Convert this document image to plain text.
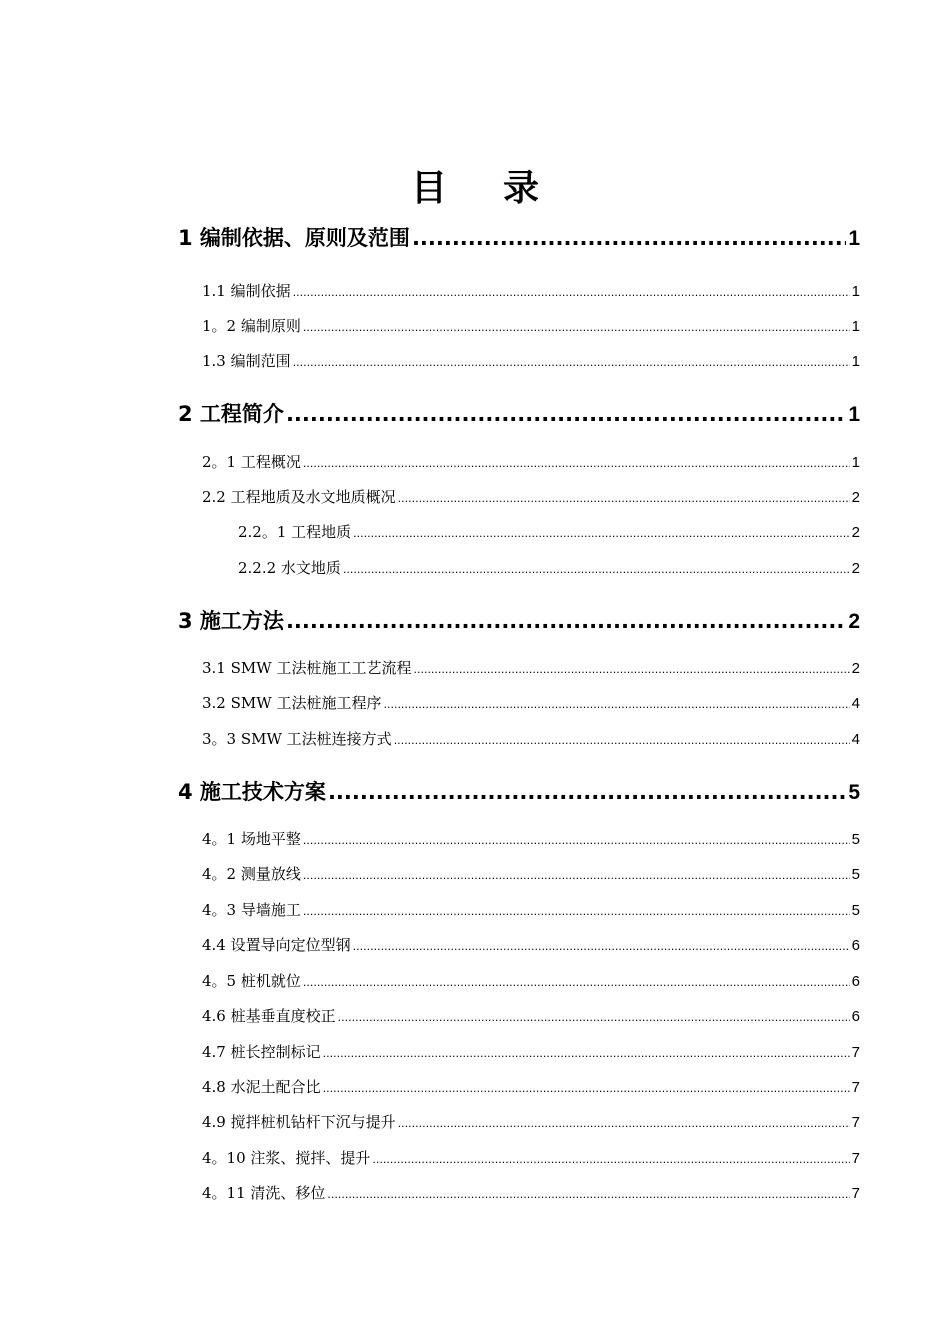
目 录
1 编制依据、原则及范围 .....	1
1.1 编制依据 .....	1
1。2 编制原则 .....	1
1.3 编制范围 .....	1
2 工程简介 .....	1
2。1 工程概况 .....	1
2.2 工程地质及水文地质概况 .....	2
2.2。1 工程地质 .....	2
2.2.2 水文地质 .....	2
3 施工方法 .....	2
3.1 SMW 工法桩施工工艺流程 .....	2
3.2 SMW 工法桩施工程序 .....	4
3。3 SMW 工法桩连接方式 .....	4
4 施工技术方案 .....	5
4。1 场地平整 .....	5
4。2 测量放线 .....	5
4。3 导墙施工 .....	5
4.4 设置导向定位型钢 .....	6
4。5 桩机就位 .....	6
4.6 桩基垂直度校正 .....	6
4.7 桩长控制标记 .....	7
4.8 水泥土配合比 .....	7
4.9 搅拌桩机钻杆下沉与提升 .....	7
4。10 注浆、搅拌、提升 .....	7
4。11 清洗、移位 .....	7
